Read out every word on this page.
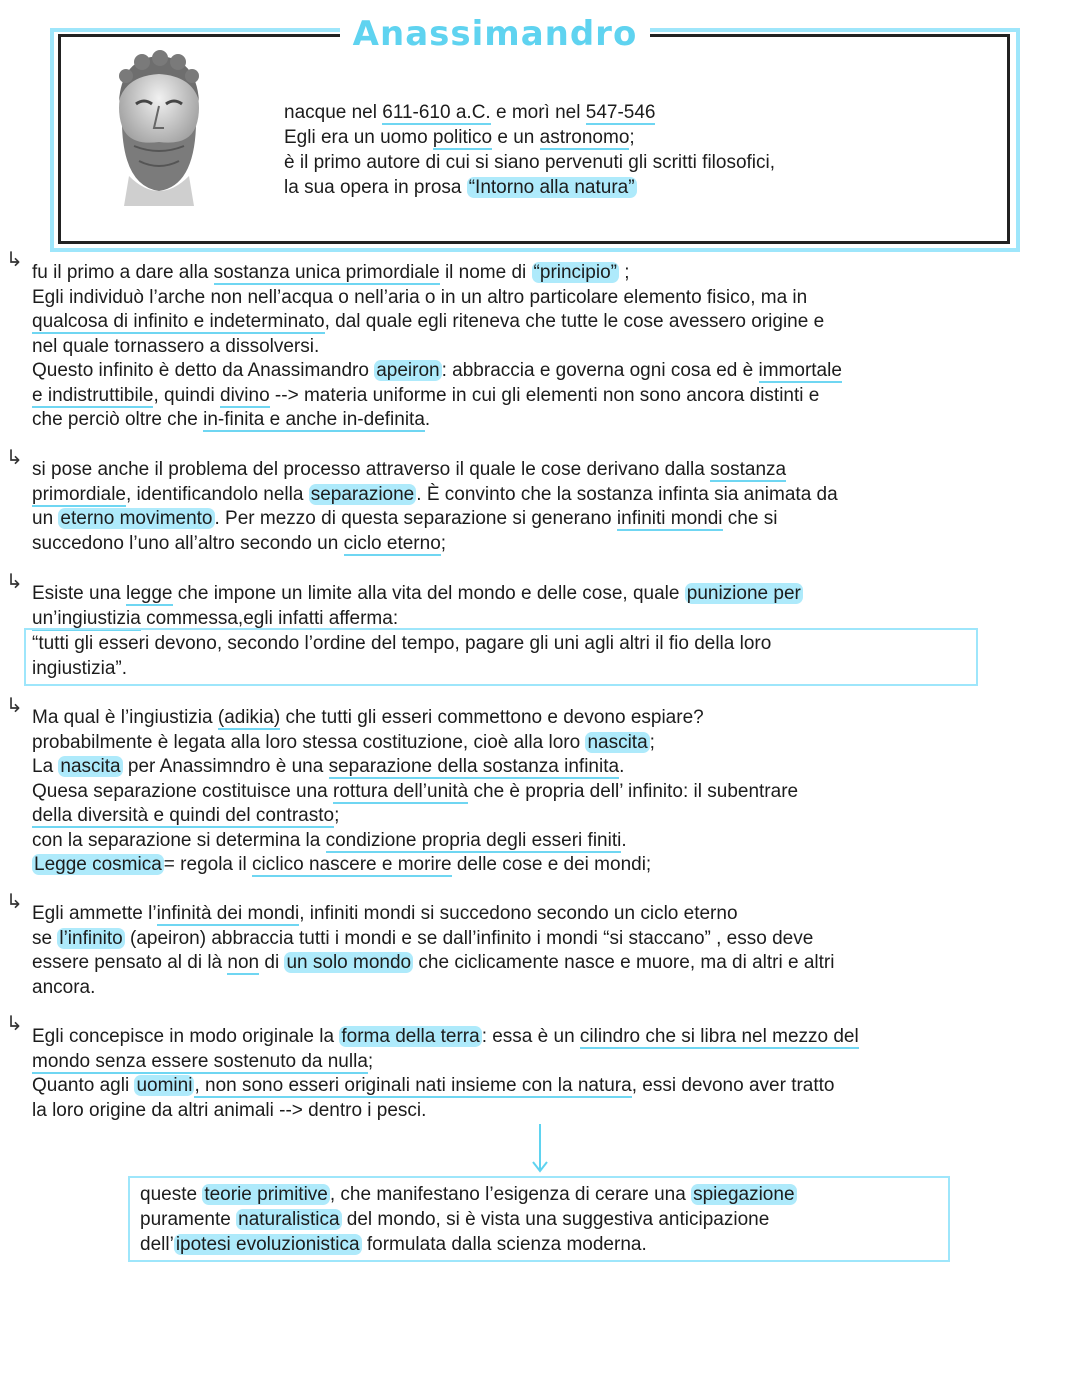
Anassimandro
nacque nel 611-610 a.C. e morì nel 547-546
Egli era un uomo politico e un astronomo;
è il primo autore di cui si siano pervenuti gli scritti filosofici,
la sua opera in prosa “Intorno alla natura”
↳
fu il primo a dare alla sostanza unica primordiale il nome di “principio” ;
Egli individuò l’arche non nell’acqua o nell’aria o in un altro particolare elemento fisico, ma in
qualcosa di infinito e indeterminato, dal quale egli riteneva che tutte le cose avessero origine e
nel quale tornassero a dissolversi.
Questo infinito è detto da Anassimandro apeiron : abbraccia e governa ogni cosa ed è immortale
e indistruttibile, quindi divino --> materia uniforme in cui gli elementi non sono ancora distinti e
che perciò oltre che in-finita e anche in-definita.
↳
si pose anche il problema del processo attraverso il quale le cose derivano dalla sostanza
primordiale, identificandolo nella separazione . È convinto che la sostanza infinta sia animata da
un eterno movimento . Per mezzo di questa separazione si generano infiniti mondi che si
succedono l’uno all’altro secondo un ciclo eterno;
↳
Esiste una legge che impone un limite alla vita del mondo e delle cose, quale punizione per
un’ingiustizia commessa,egli infatti afferma:
“tutti gli esseri devono, secondo l’ordine del tempo, pagare gli uni agli altri il fio della loro
ingiustizia”.
↳
Ma qual è l’ingiustizia (adikia) che tutti gli esseri commettono e devono espiare?
probabilmente è legata alla loro stessa costituzione, cioè alla loro nascita ;
La nascita per Anassimndro è una separazione della sostanza infinita.
Quesa separazione costituisce una rottura dell’unità che è propria dell’ infinito: il subentrare
della diversità e quindi del contrasto;
con la separazione si determina la condizione propria degli esseri finiti.
Legge cosmica = regola il ciclico nascere e morire delle cose e dei mondi;
↳
Egli ammette l’infinità dei mondi, infiniti mondi si succedono secondo un ciclo eterno
se l’infinito (apeiron) abbraccia tutti i mondi e se dall’infinito i mondi “si staccano” , esso deve
essere pensato al di là non di un solo mondo che ciclicamente nasce e muore, ma di altri e altri
ancora.
↳
Egli concepisce in modo originale la forma della terra : essa è un cilindro che si libra nel mezzo del
mondo senza essere sostenuto da nulla;
Quanto agli uomini , non sono esseri originali nati insieme con la natura, essi devono aver tratto
la loro origine da altri animali --> dentro i pesci.
queste teorie primitive , che manifestano l’esigenza di cerare una spiegazione
puramente naturalistica del mondo, si è vista una suggestiva anticipazione
dell’ ipotesi evoluzionistica formulata dalla scienza moderna.
